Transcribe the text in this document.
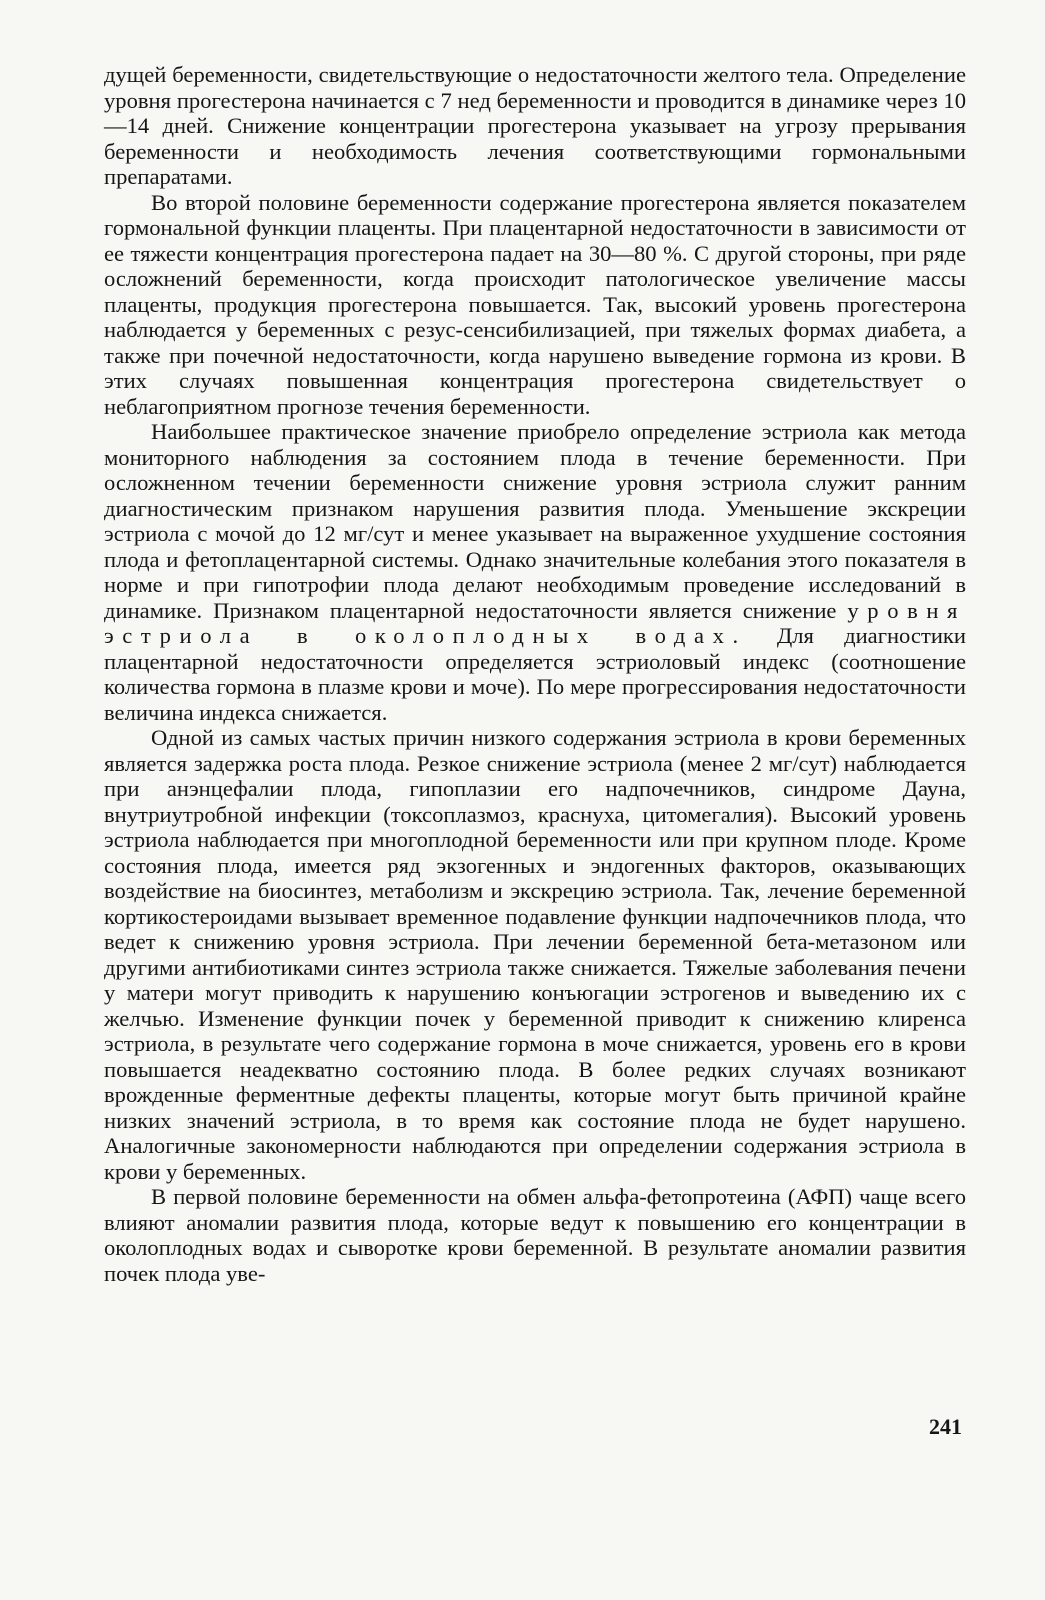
дущей беременности, свидетельствующие о недостаточности желтого тела. Определение уровня прогестерона начинается с 7 нед беременности и проводится в динамике через 10—14 дней. Снижение концентрации прогестерона указывает на угрозу прерывания беременности и необходимость лечения соответствующими гормональными препаратами.

Во второй половине беременности содержание прогестерона является показателем гормональной функции плаценты. При плацентарной недостаточности в зависимости от ее тяжести концентрация прогестерона падает на 30—80 %. С другой стороны, при ряде осложнений беременности, когда происходит патологическое увеличение массы плаценты, продукция прогестерона повышается. Так, высокий уровень прогестерона наблюдается у беременных с резус-сенсибилизацией, при тяжелых формах диабета, а также при почечной недостаточности, когда нарушено выведение гормона из крови. В этих случаях повышенная концентрация прогестерона свидетельствует о неблагоприятном прогнозе течения беременности.

Наибольшее практическое значение приобрело определение эстриола как метода мониторного наблюдения за состоянием плода в течение беременности. При осложненном течении беременности снижение уровня эстриола служит ранним диагностическим признаком нарушения развития плода. Уменьшение экскреции эстриола с мочой до 12 мг/сут и менее указывает на выраженное ухудшение состояния плода и фетоплацентарной системы. Однако значительные колебания этого показателя в норме и при гипотрофии плода делают необходимым проведение исследований в динамике. Признаком плацентарной недостаточности является снижение уровня эстриола в околоплодных водах. Для диагностики плацентарной недостаточности определяется эстриоловый индекс (соотношение количества гормона в плазме крови и моче). По мере прогрессирования недостаточности величина индекса снижается.

Одной из самых частых причин низкого содержания эстриола в крови беременных является задержка роста плода. Резкое снижение эстриола (менее 2 мг/сут) наблюдается при анэнцефалии плода, гипоплазии его надпочечников, синдроме Дауна, внутриутробной инфекции (токсоплазмоз, краснуха, цитомегалия). Высокий уровень эстриола наблюдается при многоплодной беременности или при крупном плоде. Кроме состояния плода, имеется ряд экзогенных и эндогенных факторов, оказывающих воздействие на биосинтез, метаболизм и экскрецию эстриола. Так, лечение беременной кортикостероидами вызывает временное подавление функции надпочечников плода, что ведет к снижению уровня эстриола. При лечении беременной бета-метазоном или другими антибиотиками синтез эстриола также снижается. Тяжелые заболевания печени у матери могут приводить к нарушению конъюгации эстрогенов и выведению их с желчью. Изменение функции почек у беременной приводит к снижению клиренса эстриола, в результате чего содержание гормона в моче снижается, уровень его в крови повышается неадекватно состоянию плода. В более редких случаях возникают врожденные ферментные дефекты плаценты, которые могут быть причиной крайне низких значений эстриола, в то время как состояние плода не будет нарушено. Аналогичные закономерности наблюдаются при определении содержания эстриола в крови у беременных.

В первой половине беременности на обмен альфа-фетопротеина (АФП) чаще всего влияют аномалии развития плода, которые ведут к повышению его концентрации в околоплодных водах и сыворотке крови беременной. В результате аномалии развития почек плода уве-

241
